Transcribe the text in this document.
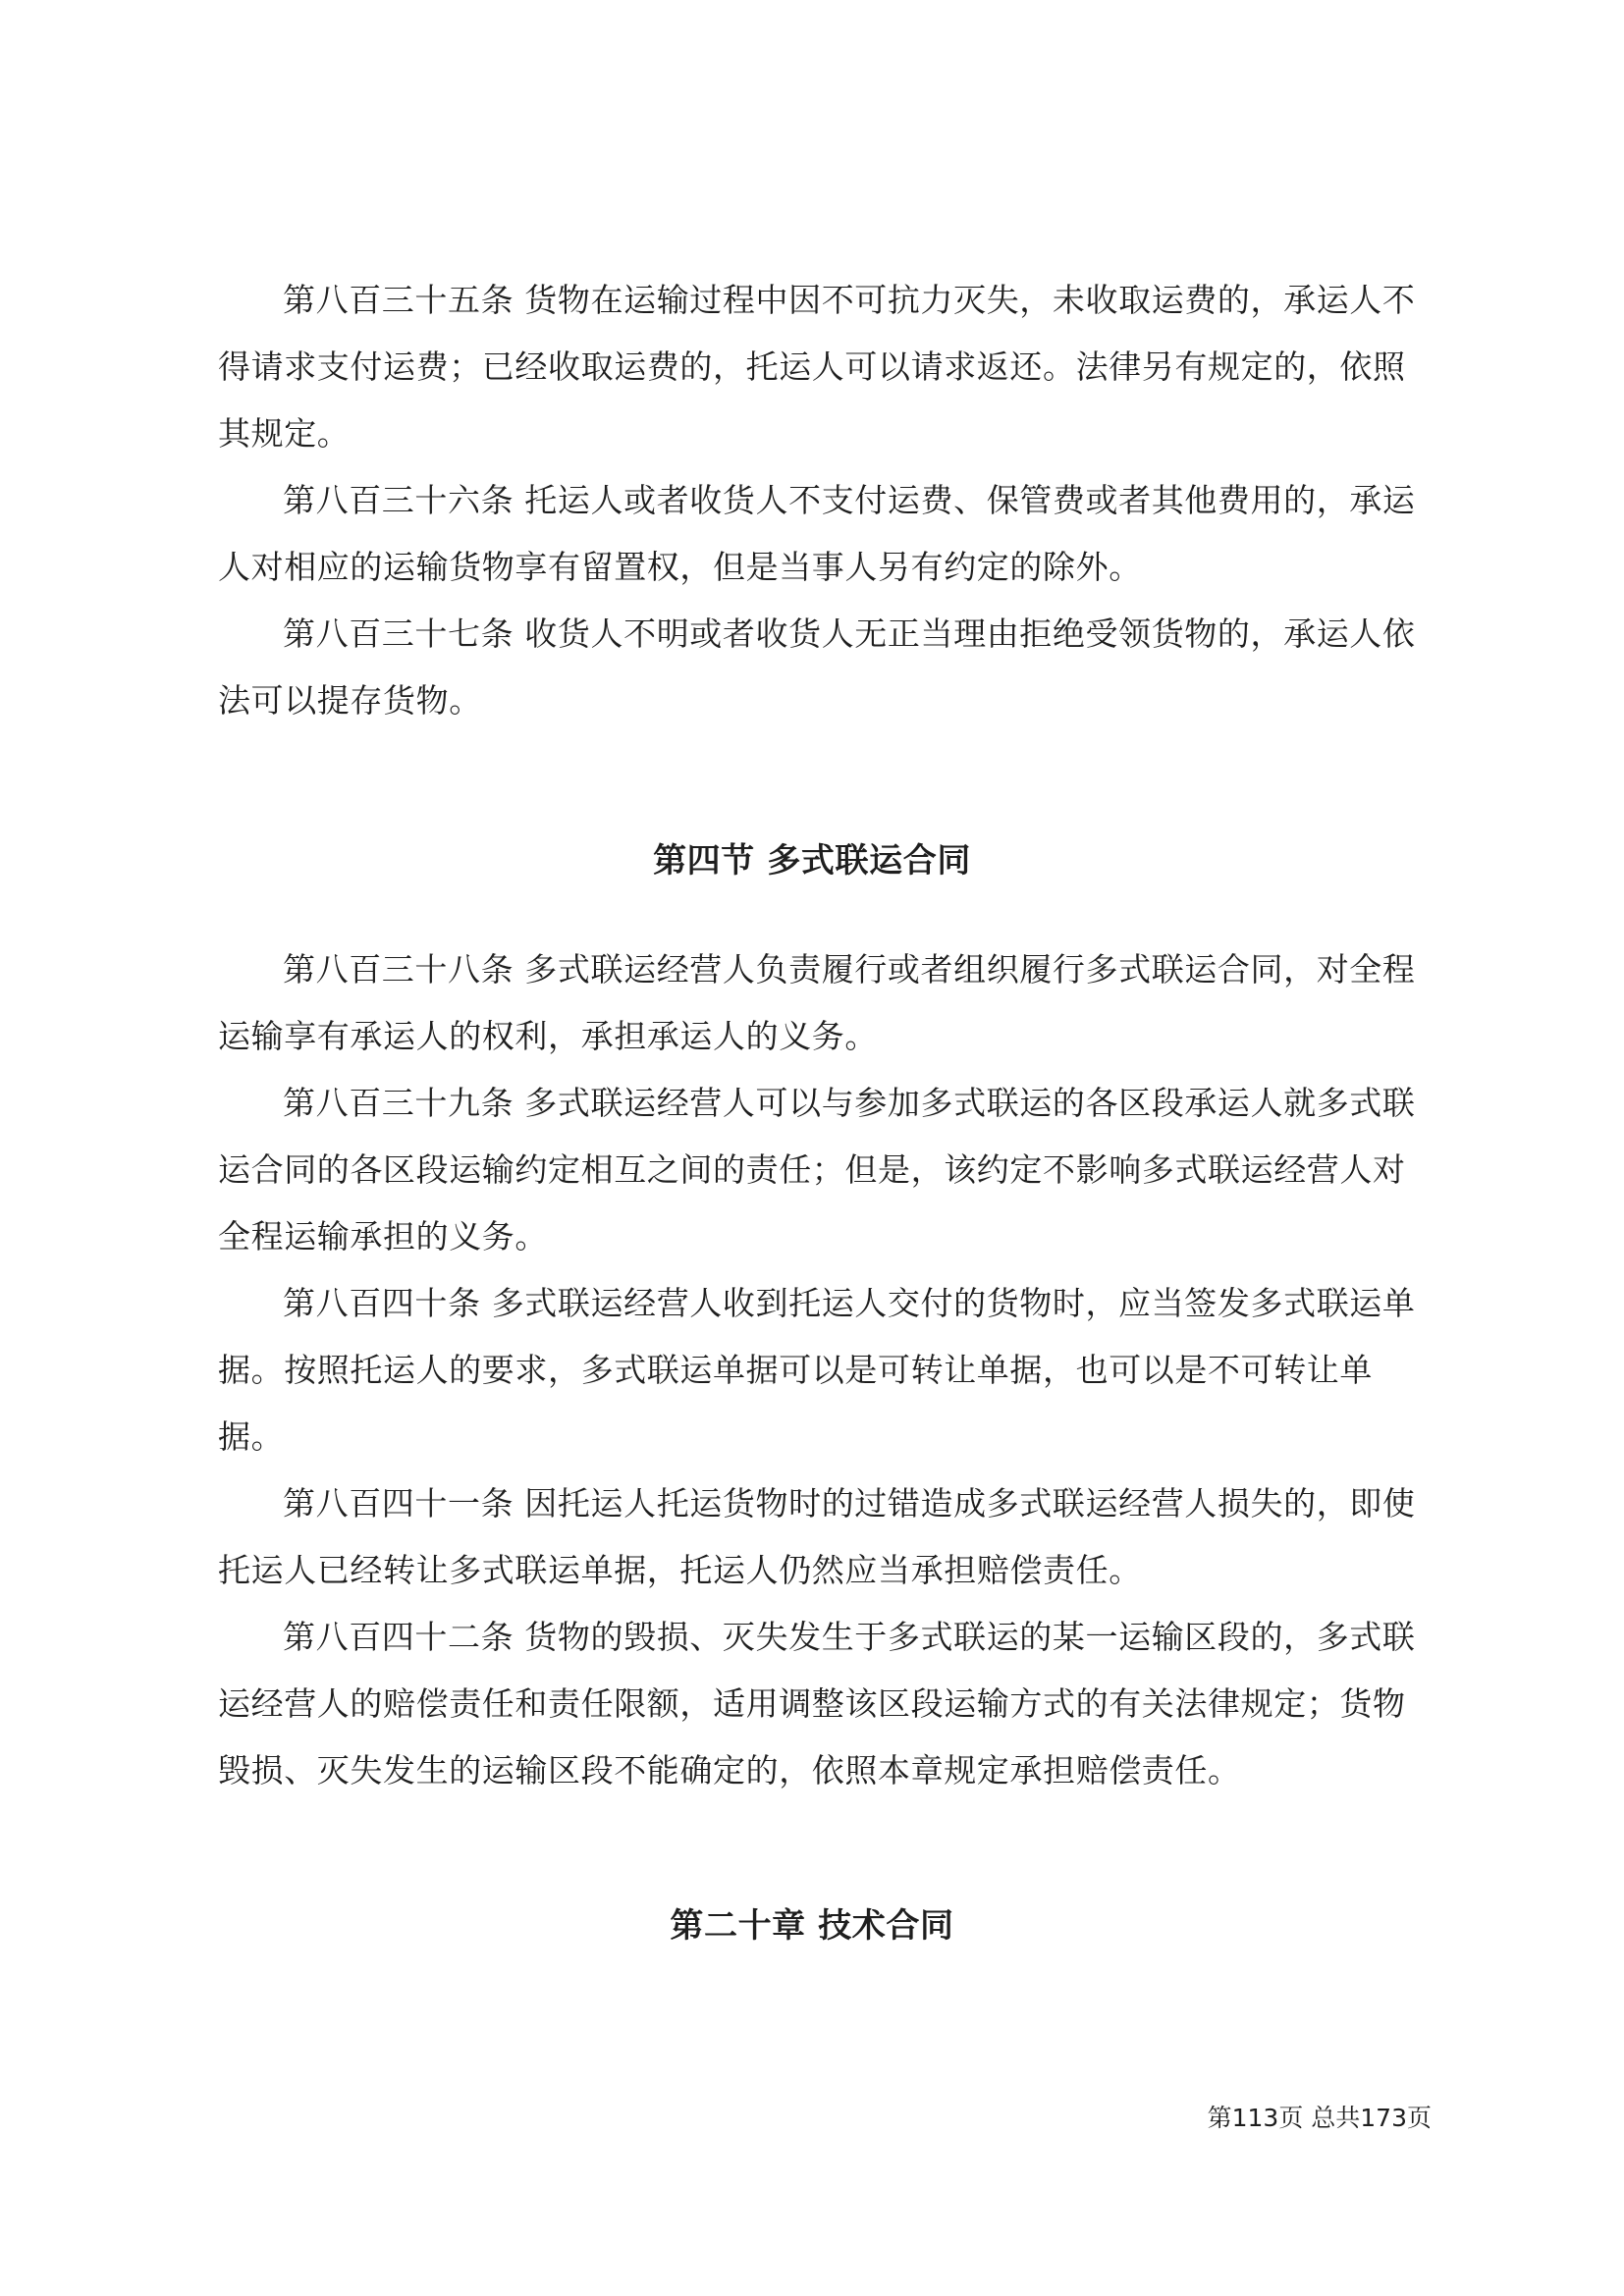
第八百三十五条 货物在运输过程中因不可抗力灭失，未收取运费的，承运人不得请求支付运费；已经收取运费的，托运人可以请求返还。法律另有规定的，依照其规定。

第八百三十六条 托运人或者收货人不支付运费、保管费或者其他费用的，承运人对相应的运输货物享有留置权，但是当事人另有约定的除外。

第八百三十七条 收货人不明或者收货人无正当理由拒绝受领货物的，承运人依法可以提存货物。

第四节 多式联运合同

第八百三十八条 多式联运经营人负责履行或者组织履行多式联运合同，对全程运输享有承运人的权利，承担承运人的义务。

第八百三十九条 多式联运经营人可以与参加多式联运的各区段承运人就多式联运合同的各区段运输约定相互之间的责任；但是，该约定不影响多式联运经营人对全程运输承担的义务。

第八百四十条 多式联运经营人收到托运人交付的货物时，应当签发多式联运单据。按照托运人的要求，多式联运单据可以是可转让单据，也可以是不可转让单据。

第八百四十一条 因托运人托运货物时的过错造成多式联运经营人损失的，即使托运人已经转让多式联运单据，托运人仍然应当承担赔偿责任。

第八百四十二条 货物的毁损、灭失发生于多式联运的某一运输区段的，多式联运经营人的赔偿责任和责任限额，适用调整该区段运输方式的有关法律规定；货物毁损、灭失发生的运输区段不能确定的，依照本章规定承担赔偿责任。

第二十章 技术合同
第113页 总共173页
